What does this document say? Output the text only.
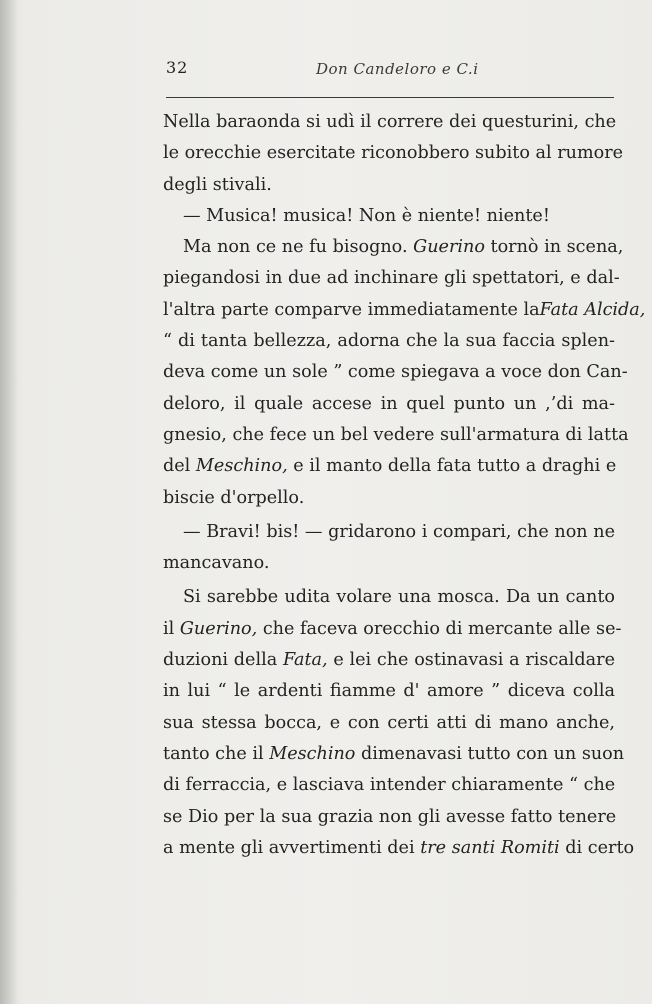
32	Don Candeloro e C.i
Nella baraonda si udì il correre dei questurini, che
le orecchie esercitate riconobbero subito al rumore
degli stivali.
— Musica! musica! Non è niente! niente!
Ma non ce ne fu bisogno. Guerino tornò in scena,
piegandosi in due ad inchinare gli spettatori, e dal-
l'altra parte comparve immediatamente laFata Alcida,
“ di tanta bellezza, adorna che la sua faccia splen-
deva come un sole ” come spiegava a voce don Can-
deloro, il quale accese in quel punto un ,’di ma-
gnesio, che fece un bel vedere sull'armatura di latta
del Meschino, e il manto della fata tutto a draghi e
biscie d'orpello.
— Bravi! bis! — gridarono i compari, che non ne
mancavano.
Si sarebbe udita volare una mosca. Da un canto
il Guerino, che faceva orecchio di mercante alle se-
duzioni della Fata, e lei che ostinavasi a riscaldare
in lui “ le ardenti fiamme d' amore ” diceva colla
sua stessa bocca, e con certi atti di mano anche,
tanto che il Meschino dimenavasi tutto con un suon
di ferraccia, e lasciava intender chiaramente “ che
se Dio per la sua grazia non gli avesse fatto tenere
a mente gli avvertimenti dei tre santi Romiti di certo
